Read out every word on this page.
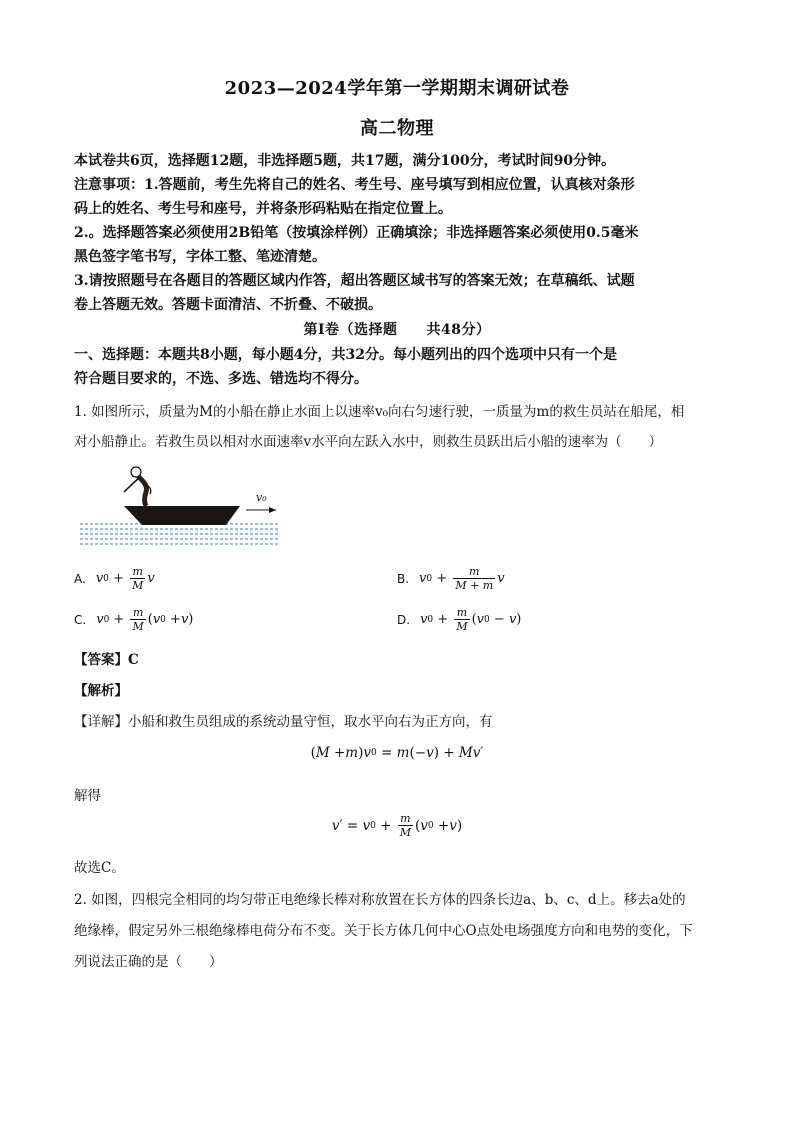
2023—2024学年第一学期期末调研试卷
高二物理
本试卷共6页，选择题12题，非选择题5题，共17题，满分100分，考试时间90分钟。
注意事项：1.答题前，考生先将自己的姓名、考生号、座号填写到相应位置，认真核对条形
码上的姓名、考生号和座号，并将条形码粘贴在指定位置上。
2.。选择题答案必须使用2B铅笔（按填涂样例）正确填涂；非选择题答案必须使用0.5毫米
黑色签字笔书写，字体工整、笔迹清楚。
3.请按照题号在各题目的答题区域内作答，超出答题区域书写的答案无效；在草稿纸、试题
卷上答题无效。答题卡面清洁、不折叠、不破损。
第Ⅰ卷（选择题　　共48分）
一、选择题：本题共8小题，每小题4分，共32分。每小题列出的四个选项中只有一个是
符合题目要求的，不选、多选、错选均不得分。
1. 如图所示，质量为M的小船在静止水面上以速率v₀向右匀速行驶，一质量为m的救生员站在船尾，相
对小船静止。若救生员以相对水面速率v水平向左跃入水中，则救生员跃出后小船的速率为（　　）
v₀
A. v $0 + \frac{m}{M}$ v	B. v $0 + \frac{m}{M + m}$ v
C. v $0 + \frac{m}{M}$ ( v 0 + v )	D. v $0 + \frac{m}{M}$ ( v 0 − v )
【答案】C
【解析】
【详解】小船和救生员组成的系统动量守恒，取水平向右为正方向，有
( M + m ) v 0 = m (− v ) + Mv′
解得
v′ = v $0 + \frac{m}{M}$ ( v 0 + v )
故选C。
2. 如图，四根完全相同的均匀带正电绝缘长棒对称放置在长方体的四条长边a、b、c、d上。移去a处的
绝缘棒，假定另外三根绝缘棒电荷分布不变。关于长方体几何中心O点处电场强度方向和电势的变化，下
列说法正确的是（　　）
